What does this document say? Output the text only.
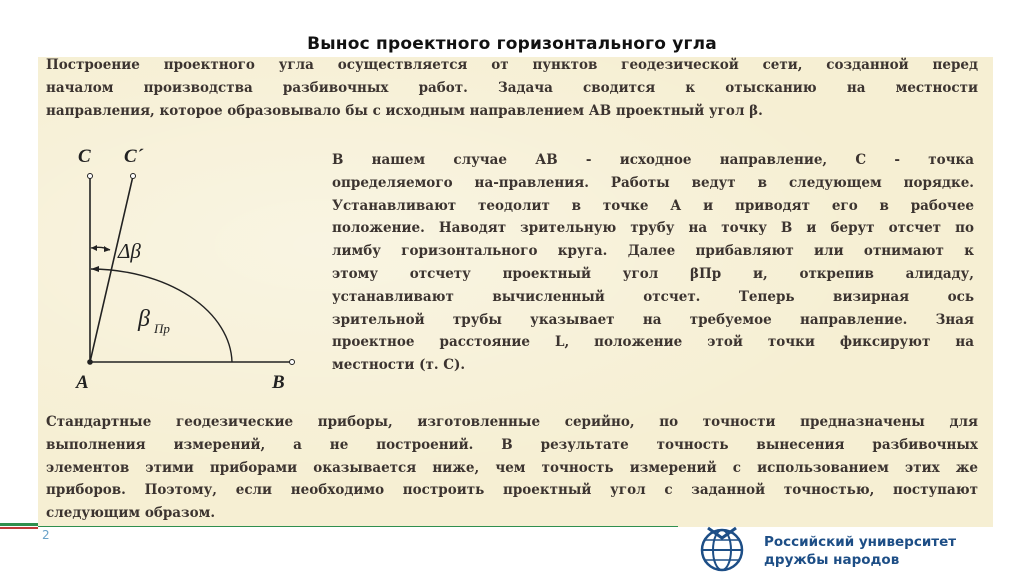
Вынос проектного горизонтального угла
Построение проектного угла осуществляется от пунктов геодезической сети, созданной перед
началом производства разбивочных работ. Задача сводится к отысканию на местности
направления, которое образовывало бы с исходным направлением АВ проектный угол β.
В нашем случае АВ - исходное направление, С - точка
определяемого на-правления. Работы ведут в следующем порядке.
Устанавливают теодолит в точке А и приводят его в рабочее
положение. Наводят зрительную трубу на точку В и берут отсчет по
лимбу горизонтального круга. Далее прибавляют или отнимают к
этому отсчету проектный угол βПр и, открепив алидаду,
устанавливают вычисленный отсчет. Теперь визирная ось
зрительной трубы указывает на требуемое направление. Зная
проектное расстояние L, положение этой точки фиксируют на
местности (т. С).
C C´
A	B
Δβ
β Пр
Стандартные геодезические приборы, изготовленные серийно, по точности предназначены для
выполнения измерений, а не построений. В результате точность вынесения разбивочных
элементов этими приборами оказывается ниже, чем точность измерений с использованием этих же
приборов. Поэтому, если необходимо построить проектный угол с заданной точностью, поступают
следующим образом.
2	Российский университет
дружбы народов
